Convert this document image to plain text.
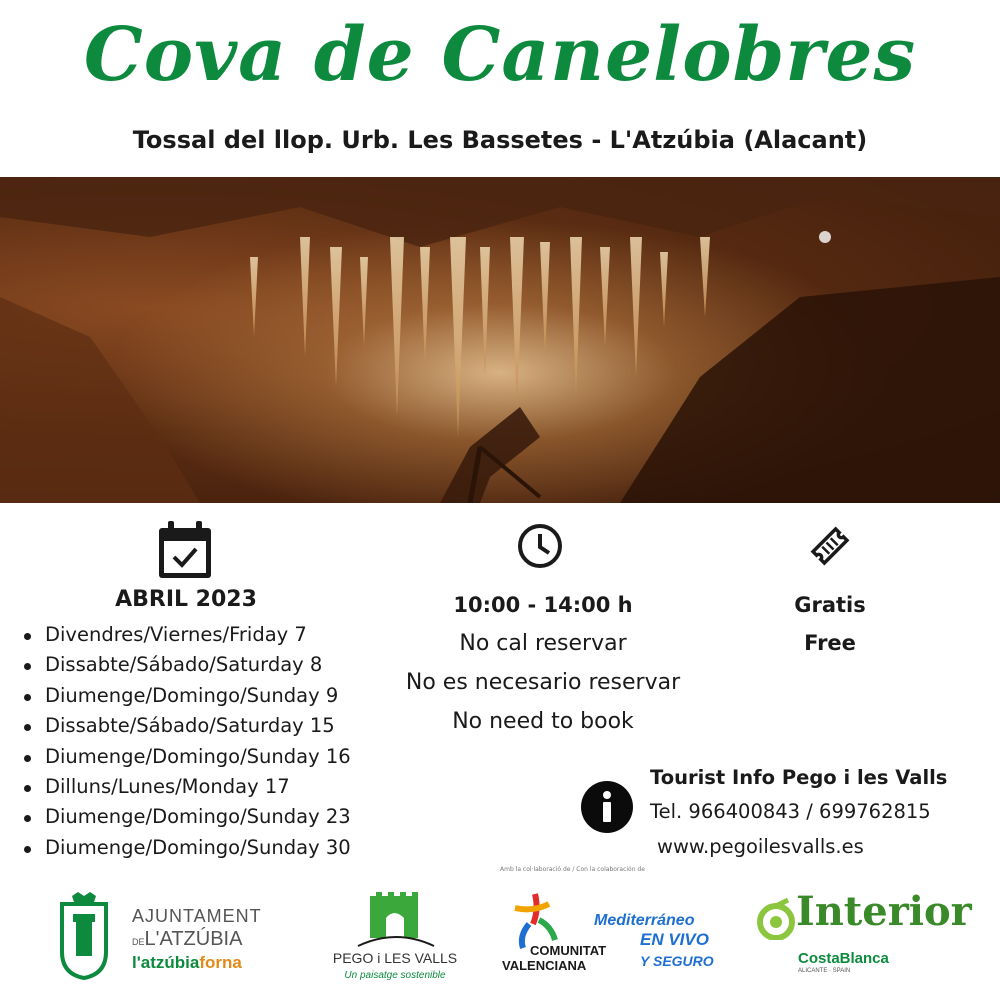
Cova de Canelobres
Tossal del llop. Urb. Les Bassetes - L'Atzúbia (Alacant)
ABRIL 2023
Divendres/Viernes/Friday 7
Dissabte/Sábado/Saturday 8
Diumenge/Domingo/Sunday 9
Dissabte/Sábado/Saturday 15
Diumenge/Domingo/Sunday 16
Dilluns/Lunes/Monday 17
Diumenge/Domingo/Sunday 23
Diumenge/Domingo/Sunday 30
10:00 - 14:00 h
No cal reservar
No es necesario reservar
No need to book
Gratis
Free
Tourist Info Pego i les Valls
Tel. 966400843 / 699762815
www.pegoilesvalls.es
Amb la col·laboració de / Con la colaboración de
AJUNTAMENT
DEL'ATZÚBIA
l'atzúbiaforna	PEGO i LES VALLS
Un paisatge sostenible
COMUNITAT
VALENCIANA
Mediterráneo
EN VIVO
Y SEGURO
Interior
CostaBlanca
ALICANTE · SPAIN
